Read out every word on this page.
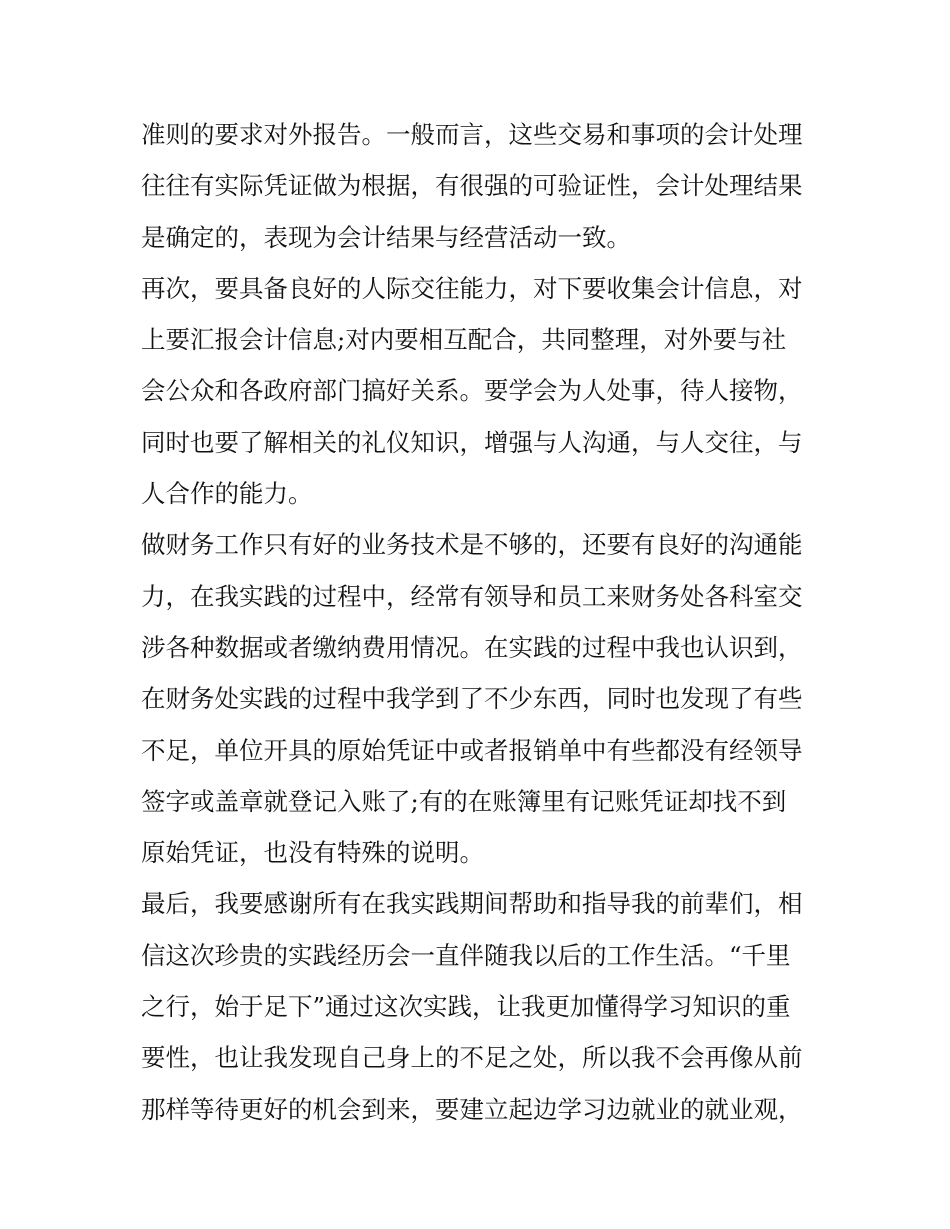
准则的要求对外报告。一般而言，这些交易和事项的会计处理
往往有实际凭证做为根据，有很强的可验证性，会计处理结果
是确定的，表现为会计结果与经营活动一致。
再次，要具备良好的人际交往能力，对下要收集会计信息，对
上要汇报会计信息;对内要相互配合，共同整理，对外要与社
会公众和各政府部门搞好关系。要学会为人处事，待人接物，
同时也要了解相关的礼仪知识，增强与人沟通，与人交往，与
人合作的能力。
做财务工作只有好的业务技术是不够的，还要有良好的沟通能
力，在我实践的过程中，经常有领导和员工来财务处各科室交
涉各种数据或者缴纳费用情况。在实践的过程中我也认识到，
在财务处实践的过程中我学到了不少东西，同时也发现了有些
不足，单位开具的原始凭证中或者报销单中有些都没有经领导
签字或盖章就登记入账了;有的在账簿里有记账凭证却找不到
原始凭证，也没有特殊的说明。
最后，我要感谢所有在我实践期间帮助和指导我的前辈们，相
信这次珍贵的实践经历会一直伴随我以后的工作生活。“千里
之行，始于足下”通过这次实践，让我更加懂得学习知识的重
要性，也让我发现自己身上的不足之处，所以我不会再像从前
那样等待更好的机会到来，要建立起边学习边就业的就业观，
